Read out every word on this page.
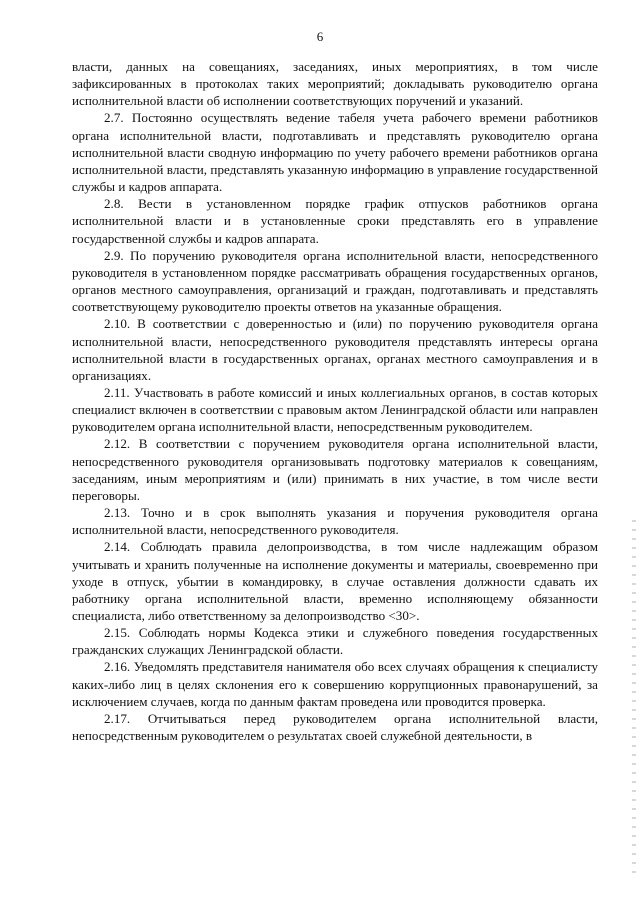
6

власти, данных на совещаниях, заседаниях, иных мероприятиях, в том числе зафиксированных в протоколах таких мероприятий; докладывать руководителю органа исполнительной власти об исполнении соответствующих поручений и указаний.

2.7. Постоянно осуществлять ведение табеля учета рабочего времени работников органа исполнительной власти, подготавливать и представлять руководителю органа исполнительной власти сводную информацию по учету рабочего времени работников органа исполнительной власти, представлять указанную информацию в управление государственной службы и кадров аппарата.

2.8. Вести в установленном порядке график отпусков работников органа исполнительной власти и в установленные сроки представлять его в управление государственной службы и кадров аппарата.

2.9. По поручению руководителя органа исполнительной власти, непосредственного руководителя в установленном порядке рассматривать обращения государственных органов, органов местного самоуправления, организаций и граждан, подготавливать и представлять соответствующему руководителю проекты ответов на указанные обращения.

2.10. В соответствии с доверенностью и (или) по поручению руководителя органа исполнительной власти, непосредственного руководителя представлять интересы органа исполнительной власти в государственных органах, органах местного самоуправления и в организациях.

2.11. Участвовать в работе комиссий и иных коллегиальных органов, в состав которых специалист включен в соответствии с правовым актом Ленинградской области или направлен руководителем органа исполнительной власти, непосредственным руководителем.

2.12. В соответствии с поручением руководителя органа исполнительной власти, непосредственного руководителя организовывать подготовку материалов к совещаниям, заседаниям, иным мероприятиям и (или) принимать в них участие, в том числе вести переговоры.

2.13. Точно и в срок выполнять указания и поручения руководителя органа исполнительной власти, непосредственного руководителя.

2.14. Соблюдать правила делопроизводства, в том числе надлежащим образом учитывать и хранить полученные на исполнение документы и материалы, своевременно при уходе в отпуск, убытии в командировку, в случае оставления должности сдавать их работнику органа исполнительной власти, временно исполняющему обязанности специалиста, либо ответственному за делопроизводство <30>.

2.15. Соблюдать нормы Кодекса этики и служебного поведения государственных гражданских служащих Ленинградской области.

2.16. Уведомлять представителя нанимателя обо всех случаях обращения к специалисту каких-либо лиц в целях склонения его к совершению коррупционных правонарушений, за исключением случаев, когда по данным фактам проведена или проводится проверка.

2.17. Отчитываться перед руководителем органа исполнительной власти, непосредственным руководителем о результатах своей служебной деятельности, в
